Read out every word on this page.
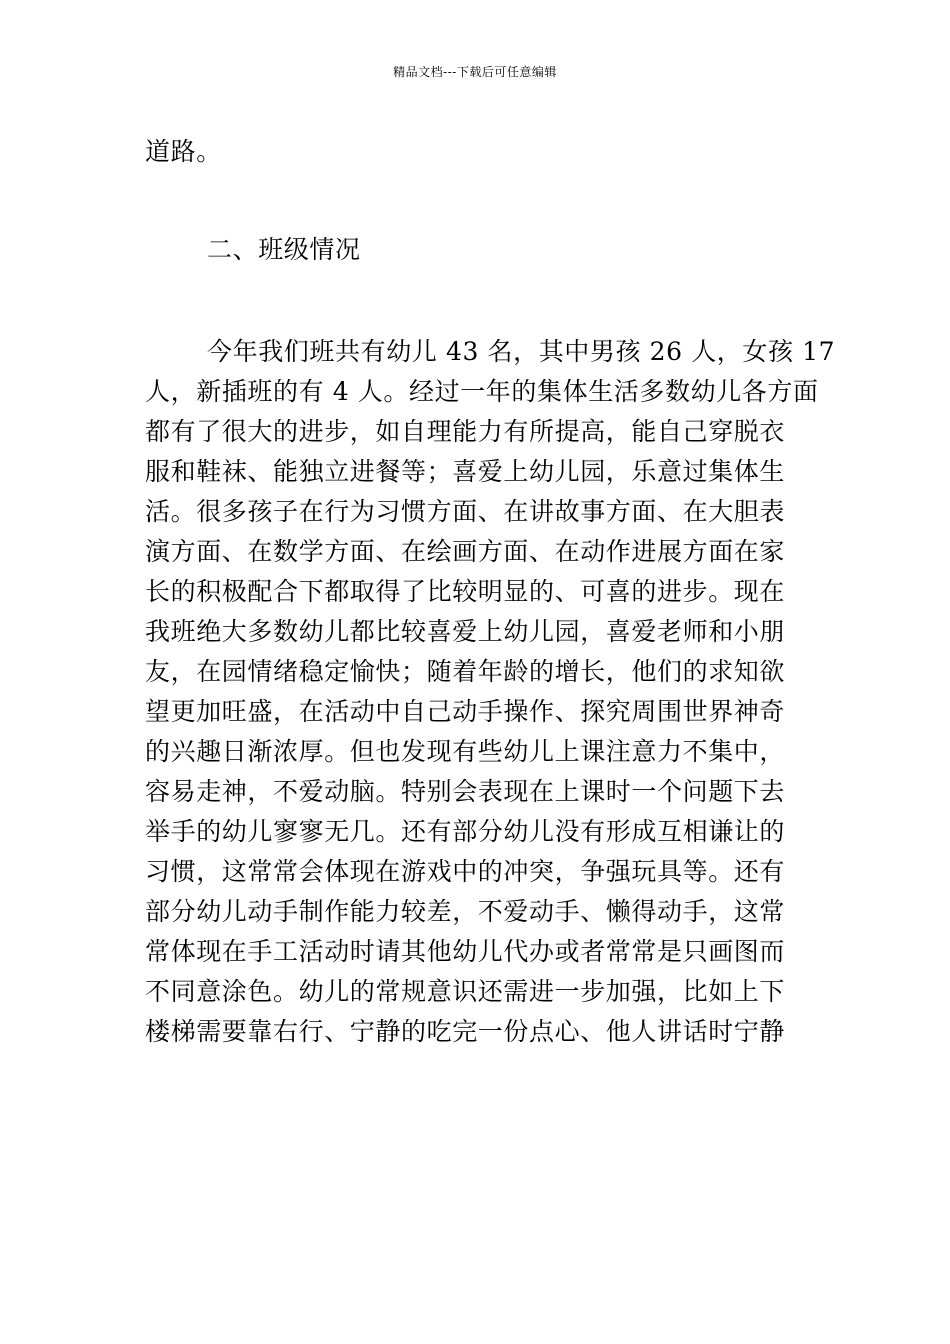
精品文档---下载后可任意编辑
道路。
二、班级情况
今年我们班共有幼儿 43 名，其中男孩 26 人，女孩 17
人，新插班的有 4 人。经过一年的集体生活多数幼儿各方面
都有了很大的进步，如自理能力有所提高，能自己穿脱衣
服和鞋袜、能独立进餐等；喜爱上幼儿园，乐意过集体生
活。很多孩子在行为习惯方面、在讲故事方面、在大胆表
演方面、在数学方面、在绘画方面、在动作进展方面在家
长的积极配合下都取得了比较明显的、可喜的进步。现在
我班绝大多数幼儿都比较喜爱上幼儿园，喜爱老师和小朋
友，在园情绪稳定愉快；随着年龄的增长，他们的求知欲
望更加旺盛，在活动中自己动手操作、探究周围世界神奇
的兴趣日渐浓厚。但也发现有些幼儿上课注意力不集中，
容易走神，不爱动脑。特别会表现在上课时一个问题下去
举手的幼儿寥寥无几。还有部分幼儿没有形成互相谦让的
习惯，这常常会体现在游戏中的冲突，争强玩具等。还有
部分幼儿动手制作能力较差，不爱动手、懒得动手，这常
常体现在手工活动时请其他幼儿代办或者常常是只画图而
不同意涂色。幼儿的常规意识还需进一步加强，比如上下
楼梯需要靠右行、宁静的吃完一份点心、他人讲话时宁静
